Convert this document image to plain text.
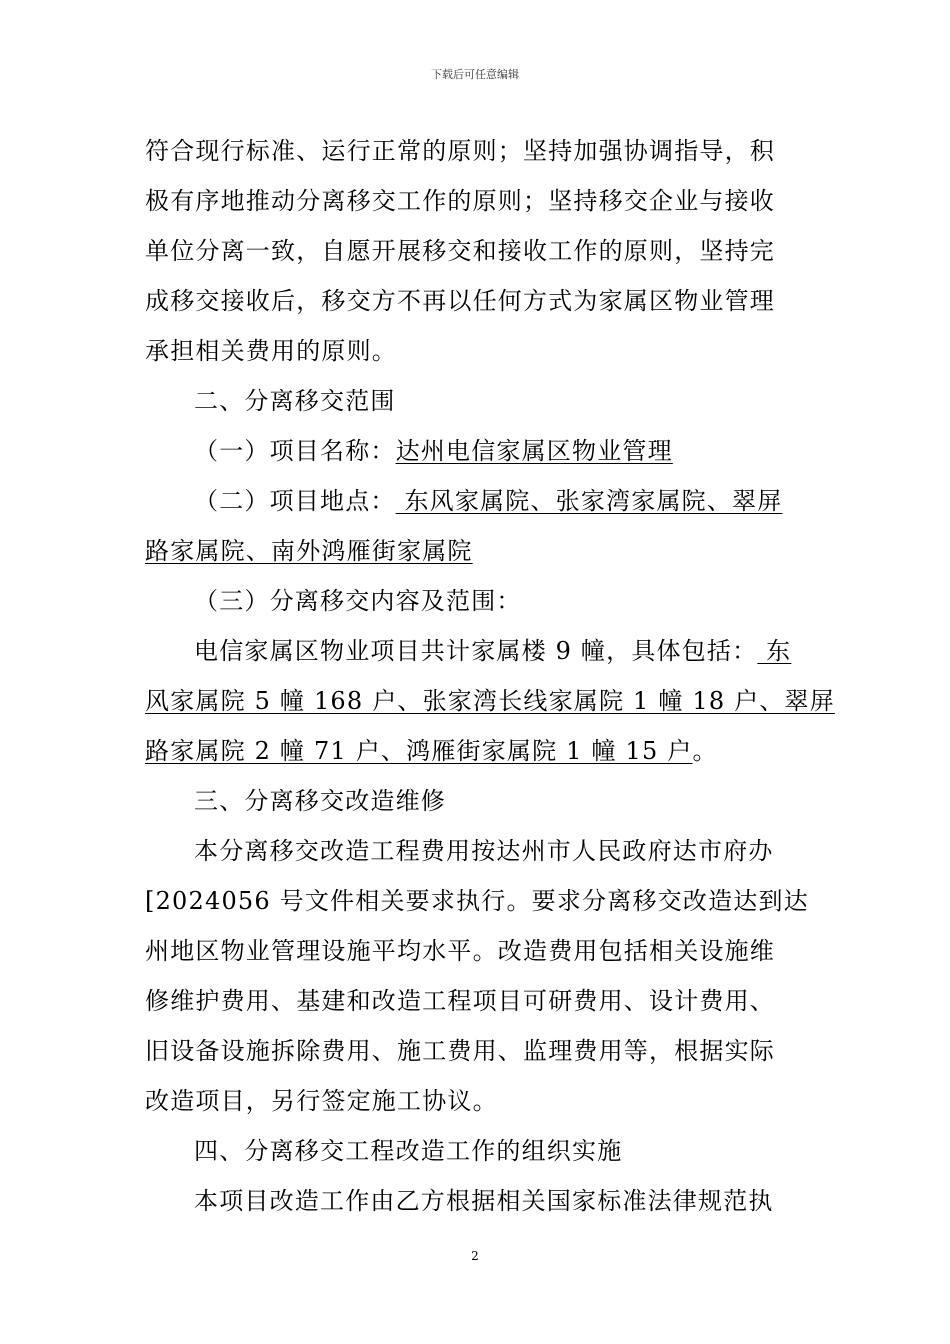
下载后可任意编辑
符合现行标准、运行正常的原则；坚持加强协调指导，积
极有序地推动分离移交工作的原则；坚持移交企业与接收
单位分离一致，自愿开展移交和接收工作的原则，坚持完
成移交接收后，移交方不再以任何方式为家属区物业管理
承担相关费用的原则。
二、分离移交范围
（一）项目名称：达州电信家属区物业管理
（二）项目地点： 东风家属院、张家湾家属院、翠屏
路家属院、南外鸿雁街家属院
（三）分离移交内容及范围：
电信家属区物业项目共计家属楼 9 幢，具体包括： 东
风家属院 5 幢 168 户、张家湾长线家属院 1 幢 18 户、翠屏
路家属院 2 幢 71 户、鸿雁街家属院 1 幢 15 户。
三、分离移交改造维修
本分离移交改造工程费用按达州市人民政府达市府办
[2024056 号文件相关要求执行。要求分离移交改造达到达
州地区物业管理设施平均水平。改造费用包括相关设施维
修维护费用、基建和改造工程项目可研费用、设计费用、
旧设备设施拆除费用、施工费用、监理费用等，根据实际
改造项目，另行签定施工协议。
四、分离移交工程改造工作的组织实施
本项目改造工作由乙方根据相关国家标准法律规范执
2
